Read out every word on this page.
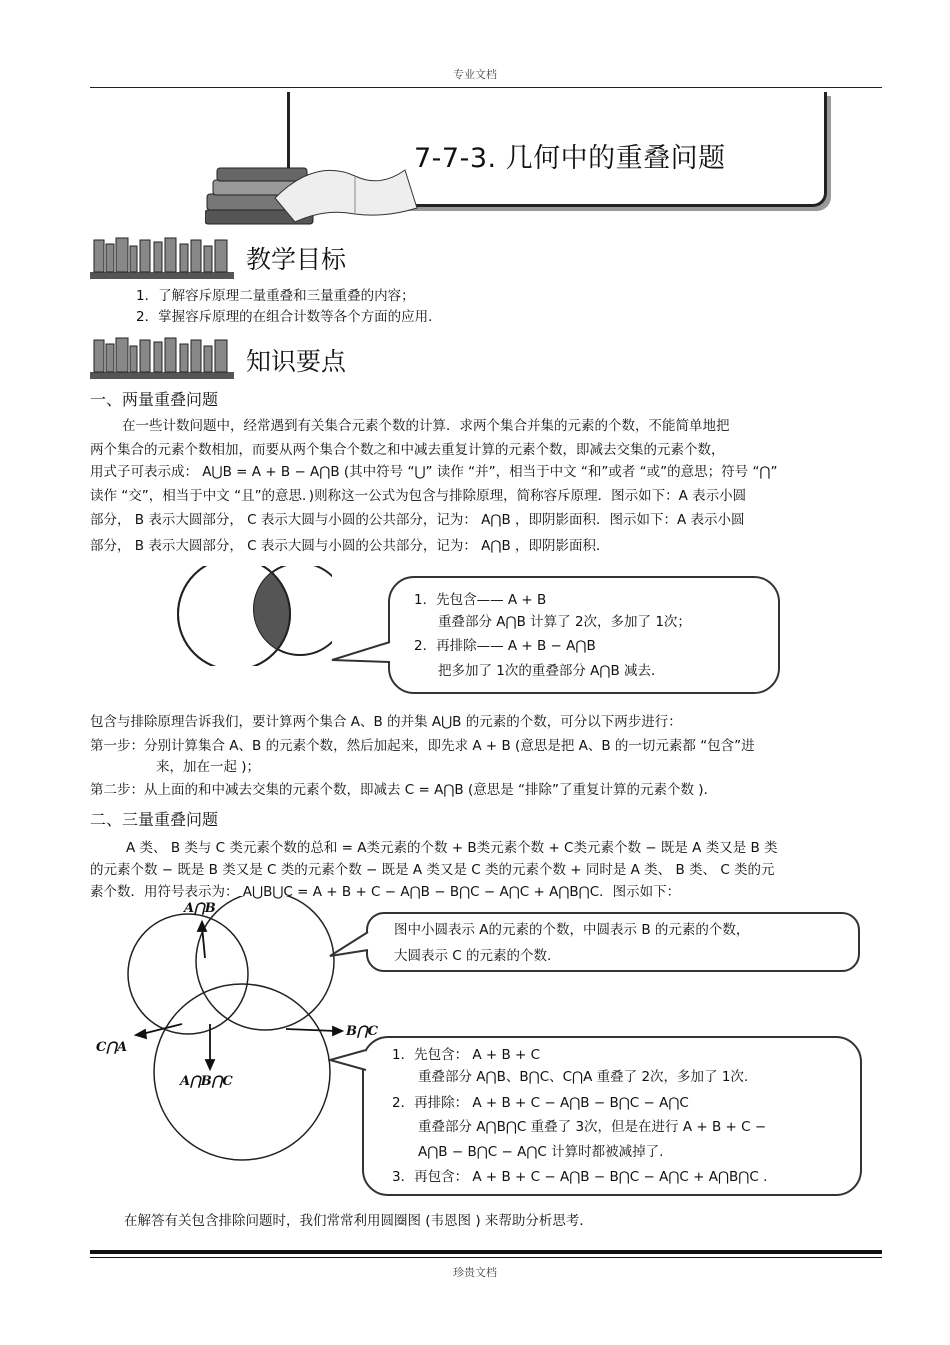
专业文档
7-7-3. 几何中的重叠问题
教学目标
1．了解容斥原理二量重叠和三量重叠的内容；
2．掌握容斥原理的在组合计数等各个方面的应用．
知识要点
一、两量重叠问题
在一些计数问题中，经常遇到有关集合元素个数的计算．求两个集合并集的元素的个数，不能简单地把
两个集合的元素个数相加，而要从两个集合个数之和中减去重复计算的元素个数，即减去交集的元素个数，
用式子可表示成： A⋃B = A + B − A⋂B (其中符号 “⋃” 读作 “并”，相当于中文 “和”或者 “或”的意思；符号 “⋂”
读作 “交”，相当于中文 “且”的意思．)则称这一公式为包含与排除原理，简称容斥原理．图示如下：A 表示小圆
部分， B 表示大圆部分， C 表示大圆与小圆的公共部分，记为： A⋂B ，即阴影面积．图示如下：A 表示小圆
部分， B 表示大圆部分， C 表示大圆与小圆的公共部分，记为： A⋂B ，即阴影面积．
1．先包含—— A + B
重叠部分 A⋂B 计算了 2次，多加了 1次；
2．再排除—— A + B − A⋂B
把多加了 1次的重叠部分 A⋂B 减去．
包含与排除原理告诉我们，要计算两个集合 A、B 的并集 A⋃B 的元素的个数，可分以下两步进行：
第一步：分别计算集合 A、B 的元素个数，然后加起来，即先求 A + B (意思是把 A、B 的一切元素都 “包含”进
来，加在一起 )；
第二步：从上面的和中减去交集的元素个数，即减去 C = A⋂B (意思是 “排除”了重复计算的元素个数 )．
二、三量重叠问题
A 类、 B 类与 C 类元素个数的总和 = A类元素的个数 + B类元素个数 + C类元素个数 − 既是 A 类又是 B 类
的元素个数 − 既是 B 类又是 C 类的元素个数 − 既是 A 类又是 C 类的元素个数 + 同时是 A 类、 B 类、 C 类的元
素个数．用符号表示为： A⋃B⋃C = A + B + C − A⋂B − B⋂C − A⋂C + A⋂B⋂C．图示如下：
A⋂B
C⋂A
B⋂C
A⋂B⋂C
图中小圆表示 A的元素的个数，中圆表示 B 的元素的个数，
大圆表示 C 的元素的个数.
1．先包含： A + B + C
重叠部分 A⋂B、B⋂C、C⋂A 重叠了 2次，多加了 1次.
2．再排除： A + B + C − A⋂B − B⋂C − A⋂C
重叠部分 A⋂B⋂C 重叠了 3次，但是在进行 A + B + C −
A⋂B − B⋂C − A⋂C 计算时都被减掉了.
3．再包含： A + B + C − A⋂B − B⋂C − A⋂C + A⋂B⋂C .
在解答有关包含排除问题时，我们常常利用圆圈图 (韦恩图 ) 来帮助分析思考．
珍贵文档
